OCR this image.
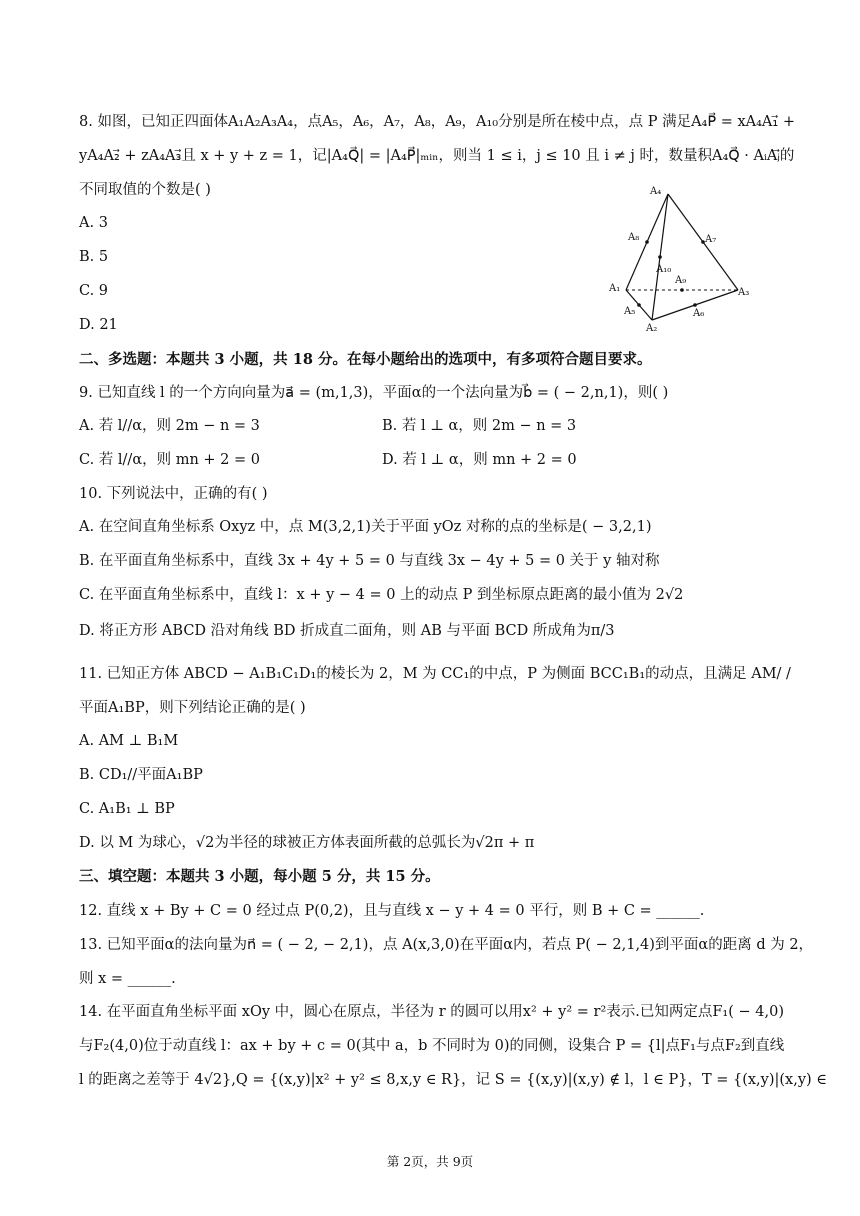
8. 如图，已知正四面体A₁A₂A₃A₄，点A₅，A₆，A₇，A₈，A₉，A₁₀分别是所在棱中点，点 P 满足A₄P⃗ = xA₄A₁⃗ +
yA₄A₂⃗ + zA₄A₃⃗且 x + y + z = 1，记|A₄Q⃗| = |A₄P⃗|ₘᵢₙ，则当 1 ≤ i，j ≤ 10 且 i ≠ j 时，数量积A₄Q⃗ · AᵢAⱼ⃗的
不同取值的个数是( )
A. 3
B. 5
C. 9
D. 21
A₄
A₈	A₇
A₁₀
A₉
A₁	A₃
A₅	A₆
A₂
二、多选题：本题共 3 小题，共 18 分。在每小题给出的选项中，有多项符合题目要求。
9. 已知直线 l 的一个方向向量为a⃗ = (m,1,3)，平面α的一个法向量为b⃗ = ( − 2,n,1)，则( )
A. 若 l//α，则 2m − n = 3	B. 若 l ⊥ α，则 2m − n = 3
C. 若 l//α，则 mn + 2 = 0	D. 若 l ⊥ α，则 mn + 2 = 0
10. 下列说法中，正确的有( )
A. 在空间直角坐标系 Oxyz 中，点 M(3,2,1)关于平面 yOz 对称的点的坐标是( − 3,2,1)
B. 在平面直角坐标系中，直线 3x + 4y + 5 = 0 与直线 3x − 4y + 5 = 0 关于 y 轴对称
C. 在平面直角坐标系中，直线 l：x + y − 4 = 0 上的动点 P 到坐标原点距离的最小值为 2√2
D. 将正方形 ABCD 沿对角线 BD 折成直二面角，则 AB 与平面 BCD 所成角为π/3
11. 已知正方体 ABCD − A₁B₁C₁D₁的棱长为 2，M 为 CC₁的中点，P 为侧面 BCC₁B₁的动点，且满足 AM/ /
平面A₁BP，则下列结论正确的是( )
A. AM ⊥ B₁M
B. CD₁//平面A₁BP
C. A₁B₁ ⊥ BP
D. 以 M 为球心，√2为半径的球被正方体表面所截的总弧长为√2π + π
三、填空题：本题共 3 小题，每小题 5 分，共 15 分。
12. 直线 x + By + C = 0 经过点 P(0,2)，且与直线 x − y + 4 = 0 平行，则 B + C = ______.
13. 已知平面α的法向量为n⃗ = ( − 2, − 2,1)，点 A(x,3,0)在平面α内，若点 P( − 2,1,4)到平面α的距离 d 为 2，
则 x = ______.
14. 在平面直角坐标平面 xOy 中，圆心在原点，半径为 r 的圆可以用x² + y² = r²表示.已知两定点F₁( − 4,0)
与F₂(4,0)位于动直线 l：ax + by + c = 0(其中 a，b 不同时为 0)的同侧，设集合 P = {l|点F₁与点F₂到直线
l 的距离之差等于 4√2},Q = {(x,y)|x² + y² ≤ 8,x,y ∈ R}，记 S = {(x,y)|(x,y) ∉ l，l ∈ P}，T = {(x,y)|(x,y) ∈
第 2页，共 9页
